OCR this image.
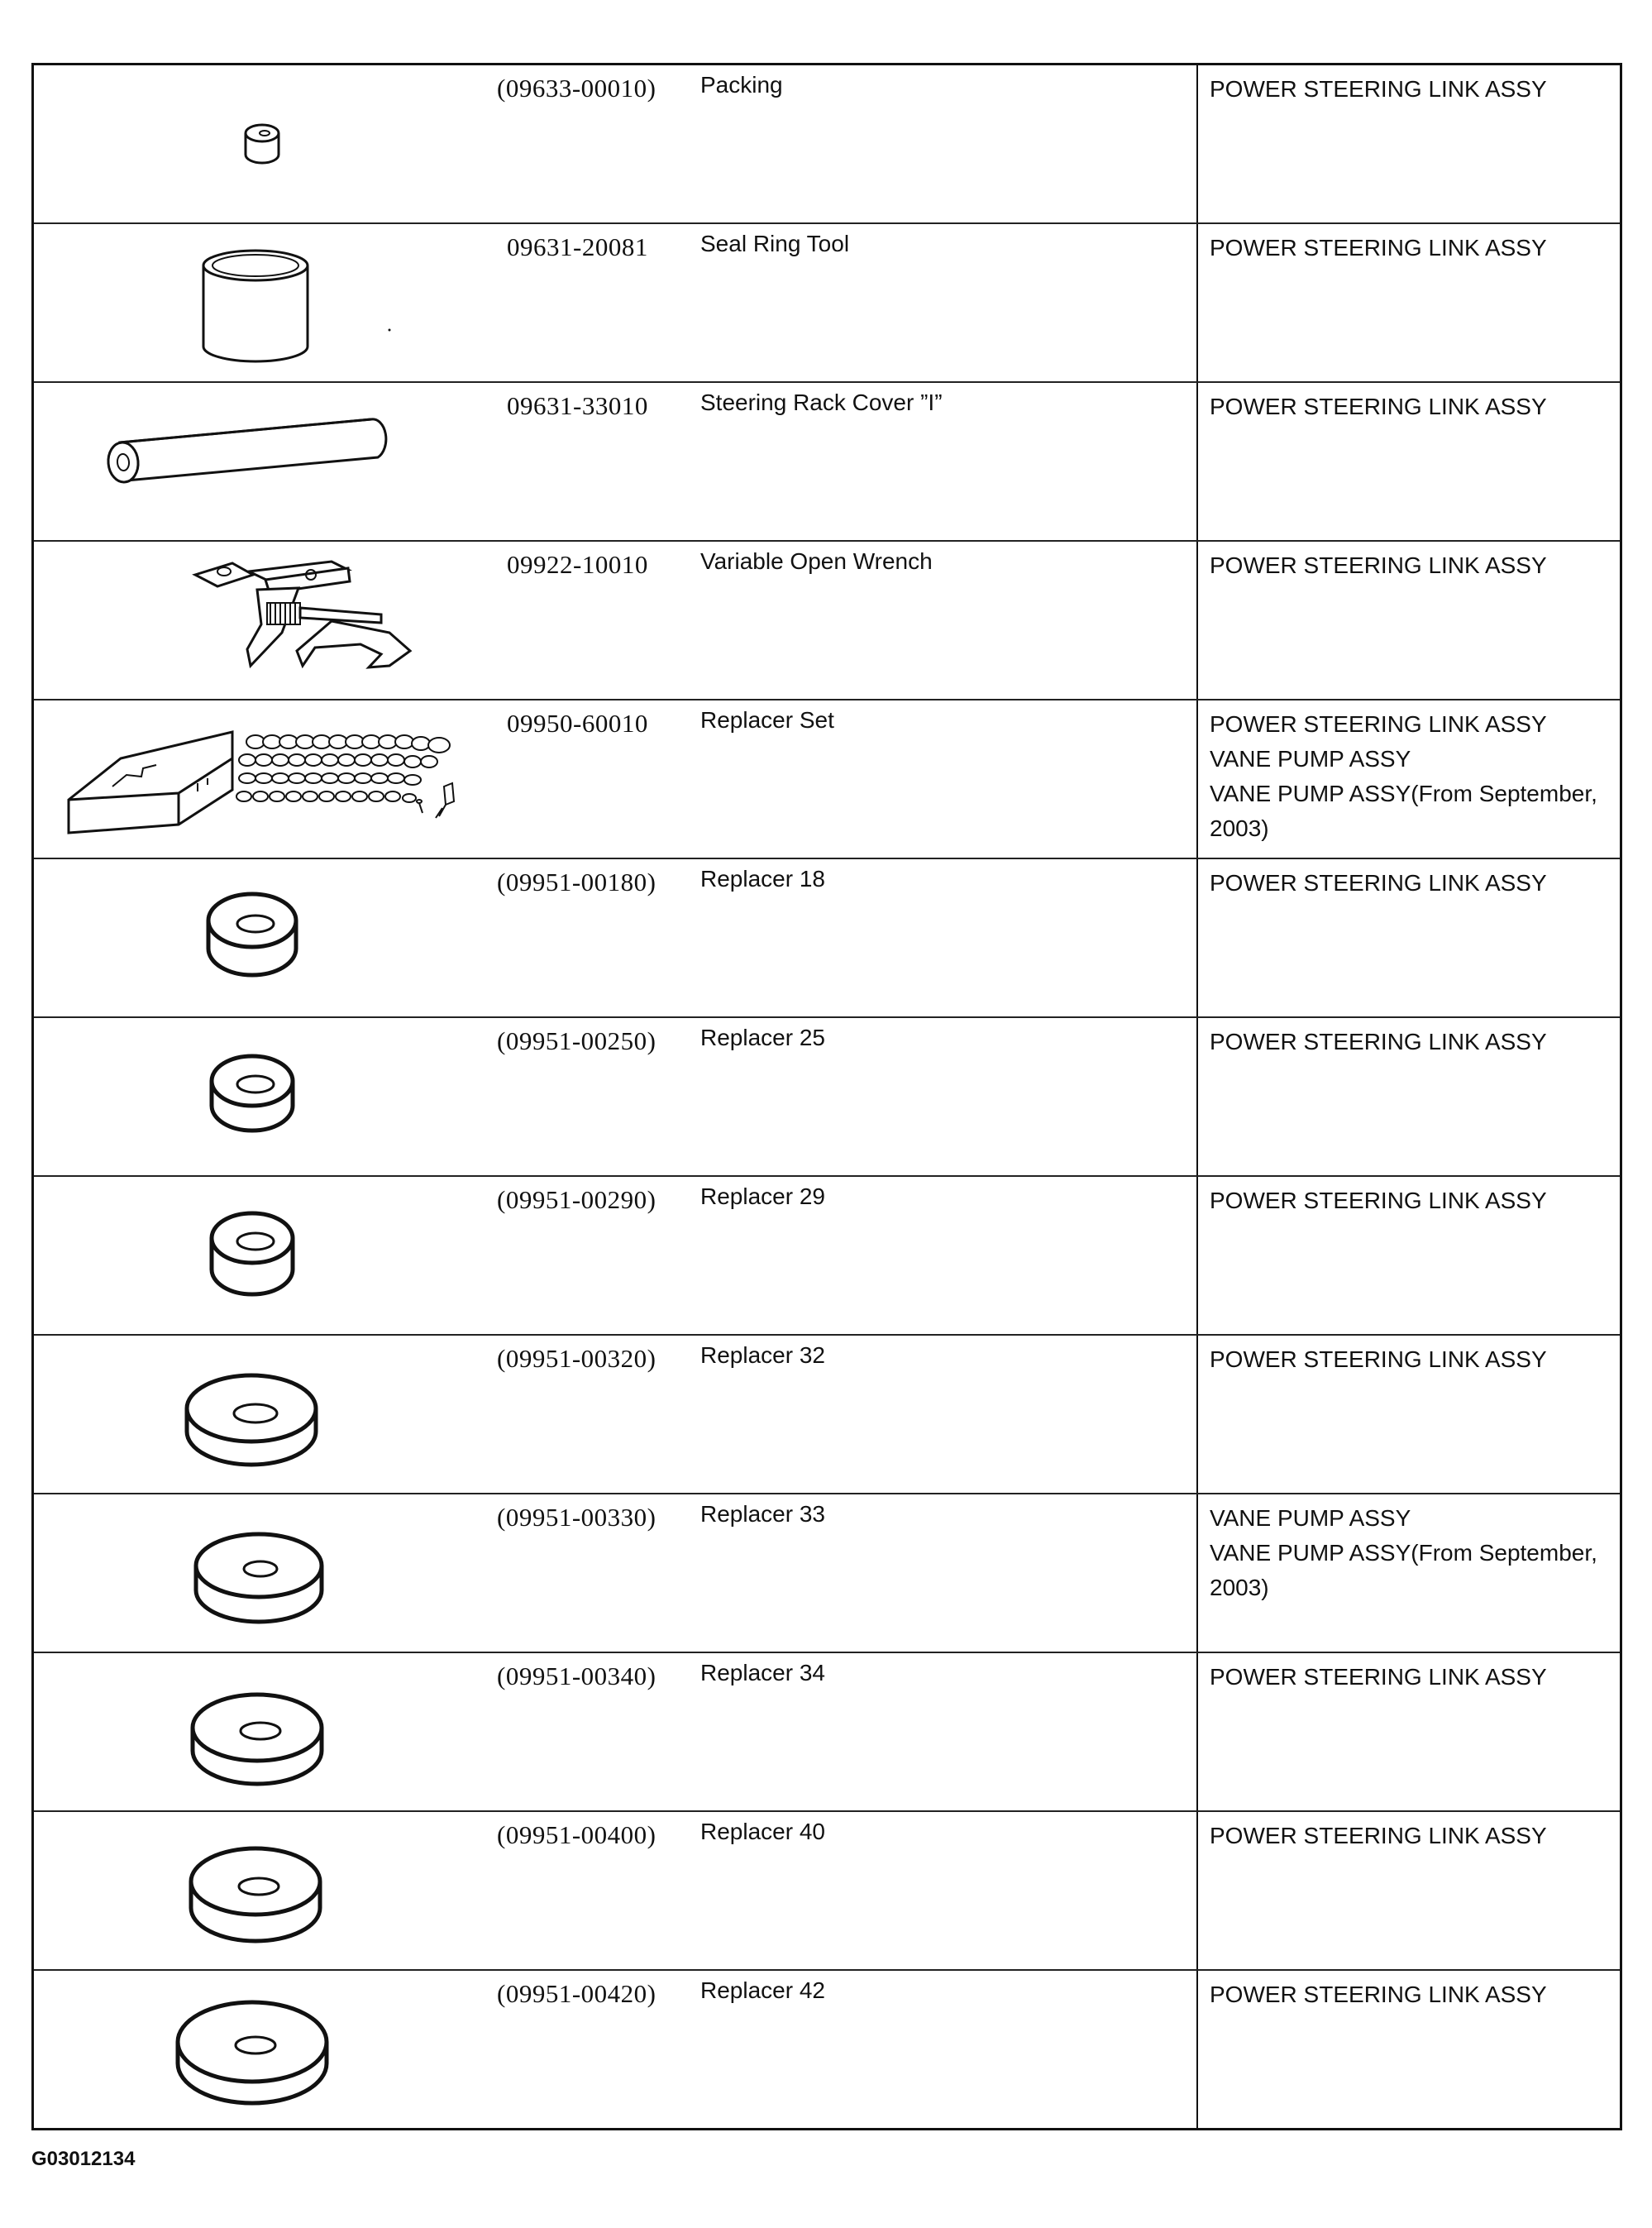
(09633-00010)	Packing	POWER STEERING LINK ASSY
09631-20081	Seal Ring Tool	POWER STEERING LINK ASSY
09631-33010	Steering Rack Cover ”I”	POWER STEERING LINK ASSY
09922-10010	Variable Open Wrench	POWER STEERING LINK ASSY
09950-60010	Replacer Set	POWER STEERING LINK ASSY
VANE PUMP ASSY
VANE PUMP ASSY(From September, 2003)
(09951-00180)	Replacer 18	POWER STEERING LINK ASSY
(09951-00250)	Replacer 25	POWER STEERING LINK ASSY
(09951-00290)	Replacer 29	POWER STEERING LINK ASSY
(09951-00320)	Replacer 32	POWER STEERING LINK ASSY
(09951-00330)	Replacer 33	VANE PUMP ASSY
VANE PUMP ASSY(From September, 2003)
(09951-00340)	Replacer 34	POWER STEERING LINK ASSY
(09951-00400)	Replacer 40	POWER STEERING LINK ASSY
(09951-00420)	Replacer 42	POWER STEERING LINK ASSY
G03012134
